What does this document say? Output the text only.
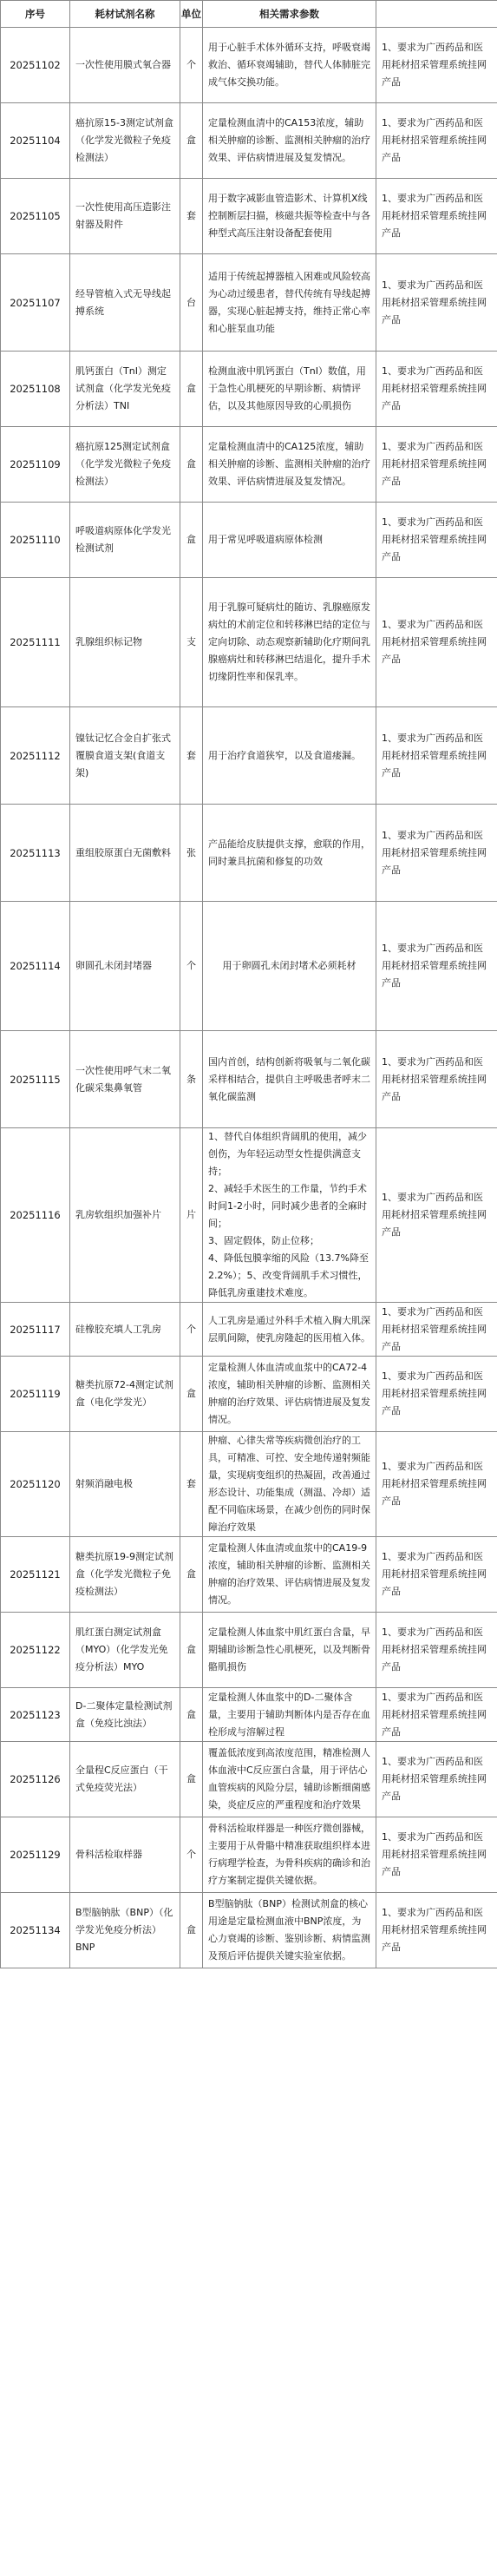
序号	耗材试剂名称	单位	相关需求参数	

20251102	一次性使用膜式氧合器	个	用于心脏手术体外循环支持，呼吸衰竭救治、循环衰竭辅助，替代人体肺脏完成气体交换功能。	1、要求为广西药品和医用耗材招采管理系统挂网产品

20251104	癌抗原15-3测定试剂盒（化学发光微粒子免疫检测法）	盒	定量检测血清中的CA153浓度，辅助相关肿瘤的诊断、监测相关肿瘤的治疗效果、评估病情进展及复发情况。	1、要求为广西药品和医用耗材招采管理系统挂网产品

20251105	一次性使用高压造影注射器及附件	套	用于数字减影血管造影术、计算机X线控制断层扫描，核磁共振等检查中与各种型式高压注射设备配套使用	1、要求为广西药品和医用耗材招采管理系统挂网产品

20251107	经导管植入式无导线起搏系统	台	适用于传统起搏器植入困难或风险较高为心动过缓患者，替代传统有导线起搏器，实现心脏起搏支持，维持正常心率和心脏泵血功能	1、要求为广西药品和医用耗材招采管理系统挂网产品

20251108	肌钙蛋白（TnI）测定试剂盒（化学发光免疫分析法）TNI	盒	检测血液中肌钙蛋白（TnI）数值，用于急性心肌梗死的早期诊断、病情评估，以及其他原因导致的心肌损伤	1、要求为广西药品和医用耗材招采管理系统挂网产品

20251109	癌抗原125测定试剂盒（化学发光微粒子免疫检测法）	盒	定量检测血清中的CA125浓度，辅助相关肿瘤的诊断、监测相关肿瘤的治疗效果、评估病情进展及复发情况。	1、要求为广西药品和医用耗材招采管理系统挂网产品

20251110	呼吸道病原体化学发光检测试剂	盒	用于常见呼吸道病原体检测	1、要求为广西药品和医用耗材招采管理系统挂网产品

20251111	乳腺组织标记物	支	用于乳腺可疑病灶的随访、乳腺癌原发病灶的术前定位和转移淋巴结的定位与定向切除、动态观察新辅助化疗期间乳腺癌病灶和转移淋巴结退化，提升手术切缘阴性率和保乳率。	1、要求为广西药品和医用耗材招采管理系统挂网产品

20251112	镍钛记忆合金自扩张式覆膜食道支架(食道支架)	套	用于治疗食道狭窄，以及食道瘘漏。	1、要求为广西药品和医用耗材招采管理系统挂网产品

20251113	重组胶原蛋白无菌敷料	张	产品能给皮肤提供支撑，愈联的作用，同时兼具抗菌和修复的功效	1、要求为广西药品和医用耗材招采管理系统挂网产品

20251114	卵圆孔未闭封堵器	个	用于卵圆孔未闭封堵术必须耗材	1、要求为广西药品和医用耗材招采管理系统挂网产品

20251115	一次性使用呼气末二氧化碳采集鼻氧管	条	国内首创，结构创新将吸氧与二氧化碳采样相结合，提供自主呼吸患者呼末二氧化碳监测	1、要求为广西药品和医用耗材招采管理系统挂网产品

20251116	乳房软组织加强补片	片	1、替代自体组织背阔肌的使用，减少创伤，为年轻运动型女性提供满意支持；
2、减轻手术医生的工作量，节约手术时间1-2小时，同时减少患者的全麻时间；
3、固定假体，防止位移；
4、降低包膜挛缩的风险（13.7%降至2.2%）；5、改变背阔肌手术习惯性，降低乳房重建技术难度。	1、要求为广西药品和医用耗材招采管理系统挂网产品

20251117	硅橡胶充填人工乳房	个	人工乳房是通过外科手术植入胸大肌深层肌间隙，使乳房隆起的医用植入体。	1、要求为广西药品和医用耗材招采管理系统挂网产品

20251119	糖类抗原72-4测定试剂盒（电化学发光）	盒	定量检测人体血清或血浆中的CA72-4浓度，辅助相关肿瘤的诊断、监测相关肿瘤的治疗效果、评估病情进展及复发情况。	1、要求为广西药品和医用耗材招采管理系统挂网产品

20251120	射频消融电极	套	肿瘤、心律失常等疾病微创治疗的工具，可精准、可控、安全地传递射频能量，实现病变组织的热凝固，改善通过形态设计、功能集成（测温、冷却）适配不同临床场景，在减少创伤的同时保障治疗效果	1、要求为广西药品和医用耗材招采管理系统挂网产品

20251121	糖类抗原19-9测定试剂盒（化学发光微粒子免疫检测法）	盒	定量检测人体血清或血浆中的CA19-9浓度，辅助相关肿瘤的诊断、监测相关肿瘤的治疗效果、评估病情进展及复发情况。	1、要求为广西药品和医用耗材招采管理系统挂网产品

20251122	肌红蛋白测定试剂盒（MYO）（化学发光免疫分析法）MYO	盒	定量检测人体血浆中肌红蛋白含量，早期辅助诊断急性心肌梗死，以及判断骨骼肌损伤	1、要求为广西药品和医用耗材招采管理系统挂网产品

20251123	D-二聚体定量检测试剂盒（免疫比浊法）	盒	定量检测人体血浆中的D-二聚体含量，主要用于辅助判断体内是否存在血栓形成与溶解过程	1、要求为广西药品和医用耗材招采管理系统挂网产品

20251126	全量程C反应蛋白（干式免疫荧光法）	盒	覆盖低浓度到高浓度范围，精准检测人体血液中C反应蛋白含量，用于评估心血管疾病的风险分层，辅助诊断细菌感染，炎症反应的严重程度和治疗效果	1、要求为广西药品和医用耗材招采管理系统挂网产品

20251129	骨科活检取样器	个	骨科活检取样器是一种医疗微创器械，主要用于从骨骼中精准获取组织样本进行病理学检查，为骨科疾病的确诊和治疗方案制定提供关键依据。	1、要求为广西药品和医用耗材招采管理系统挂网产品

20251134	B型脑钠肽（BNP）（化学发光免疫分析法）BNP	盒	B型脑钠肽（BNP）检测试剂盒的核心用途是定量检测血液中BNP浓度，为心力衰竭的诊断、鉴别诊断、病情监测及预后评估提供关键实验室依据。	1、要求为广西药品和医用耗材招采管理系统挂网产品
